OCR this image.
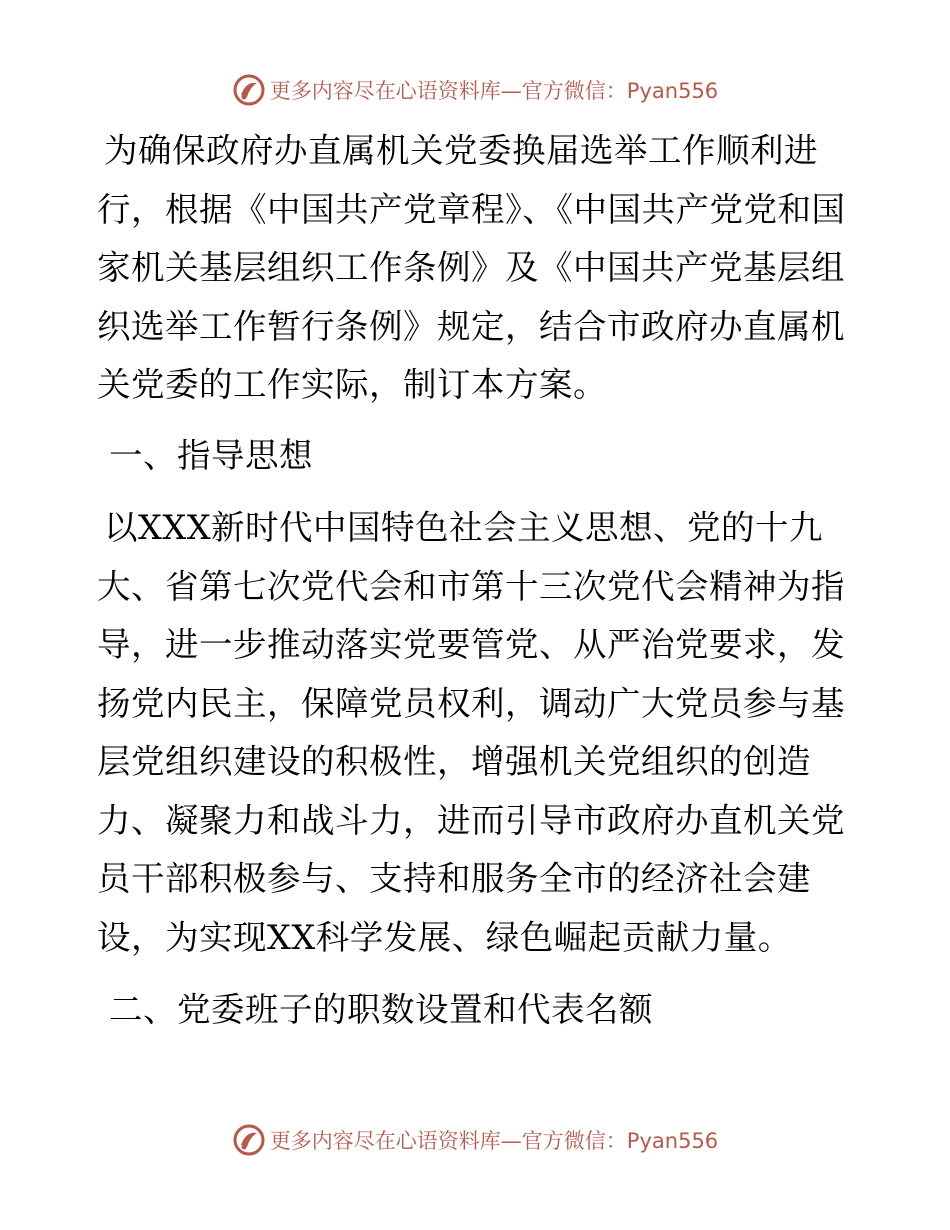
更多内容尽在心语资料库—官方微信：Pyan556

为确保政府办直属机关党委换届选举工作顺利进行，根据《中国共产党章程》、《中国共产党党和国家机关基层组织工作条例》及《中国共产党基层组织选举工作暂行条例》规定，结合市政府办直属机关党委的工作实际，制订本方案。

一、指导思想

以XXX新时代中国特色社会主义思想、党的十九大、省第七次党代会和市第十三次党代会精神为指导，进一步推动落实党要管党、从严治党要求，发扬党内民主，保障党员权利，调动广大党员参与基层党组织建设的积极性，增强机关党组织的创造力、凝聚力和战斗力，进而引导市政府办直机关党员干部积极参与、支持和服务全市的经济社会建设，为实现XX科学发展、绿色崛起贡献力量。

二、党委班子的职数设置和代表名额

更多内容尽在心语资料库—官方微信：Pyan556
